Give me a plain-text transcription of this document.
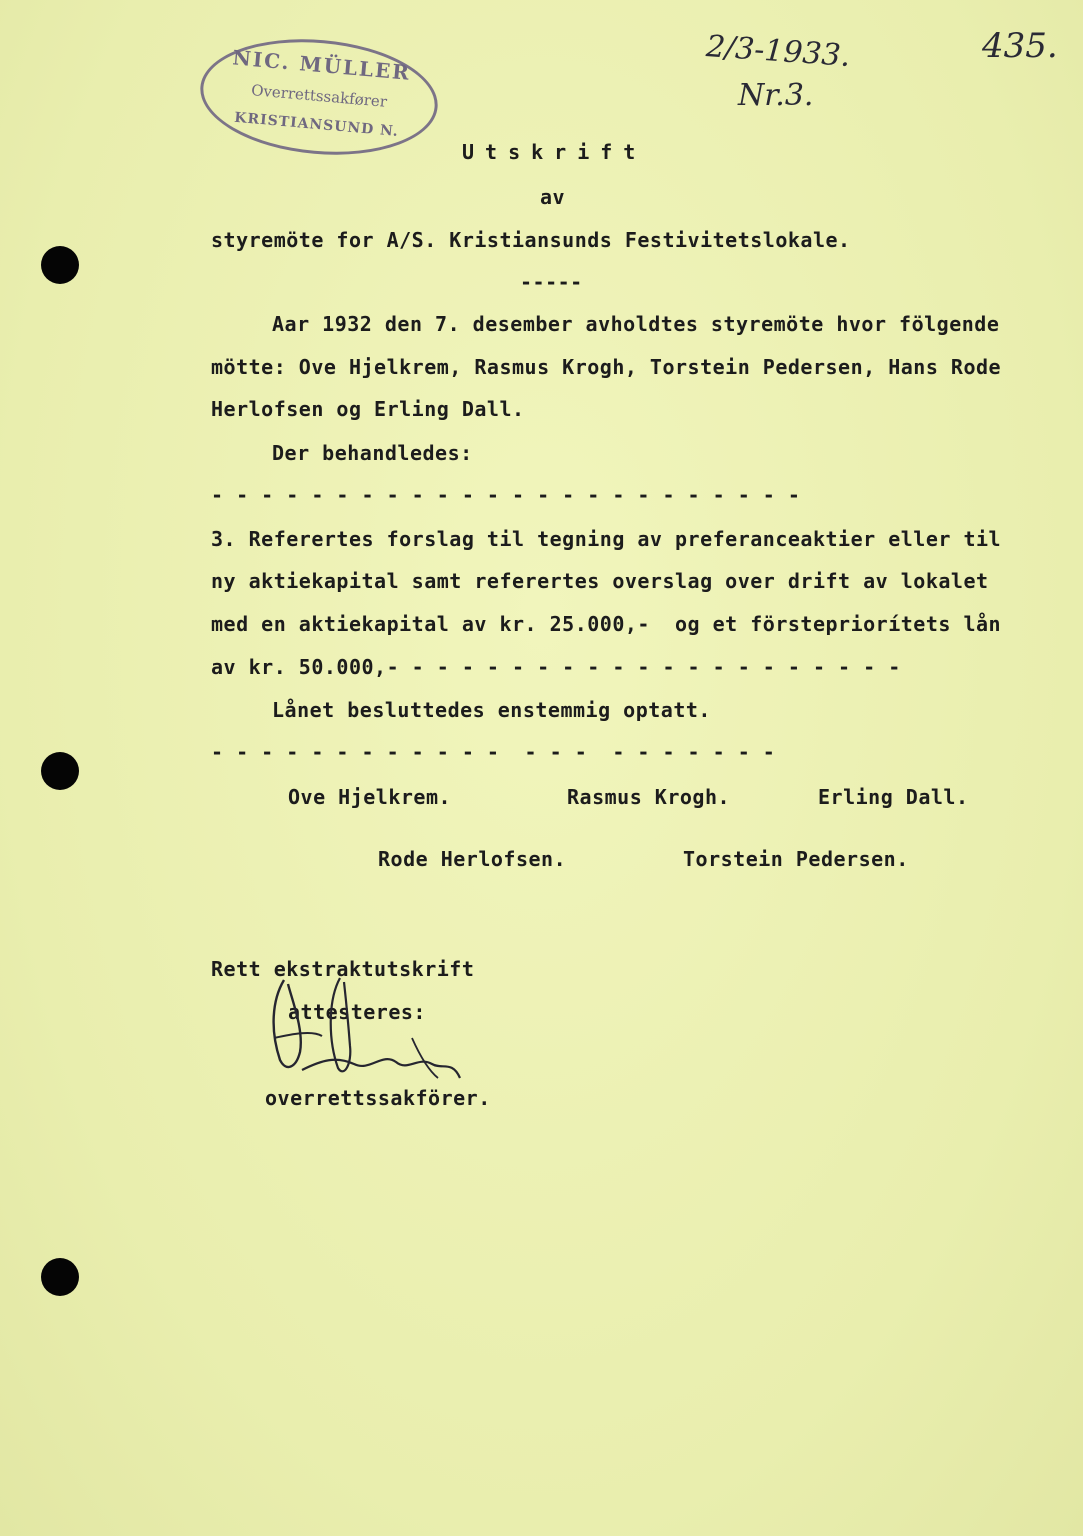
NIC. MÜLLER
Overrettssakfører
KRISTIANSUND N.
2/3-1933.
Nr.3.
435.
Utskrift
av
styremöte for A/S. Kristiansunds Festivitetslokale.
-----
Aar 1932 den 7. desember avholdtes styremöte hvor fölgende
mötte: Ove Hjelkrem, Rasmus Krogh, Torstein Pedersen, Hans Rode
Herlofsen og Erling Dall.
Der behandledes:
- - - - - - - - - - - - - - - - - - - - - - - -
3. Referertes forslag til tegning av preferanceaktier eller til
ny aktiekapital samt referertes overslag over drift av lokalet
med en aktiekapital av kr. 25.000,-  og et förstepriorítets lån
av kr. 50.000,- - - - - - - - - - - - - - - - - - - - -
Lånet besluttedes enstemmig optatt.
- - - - - - - - - - - -  - - -  - - - - - - -
Ove Hjelkrem.	Rasmus Krogh.	Erling Dall.
Rode Herlofsen.	Torstein Pedersen.
Rett ekstraktutskrift
attesteres:
overrettssakförer.
